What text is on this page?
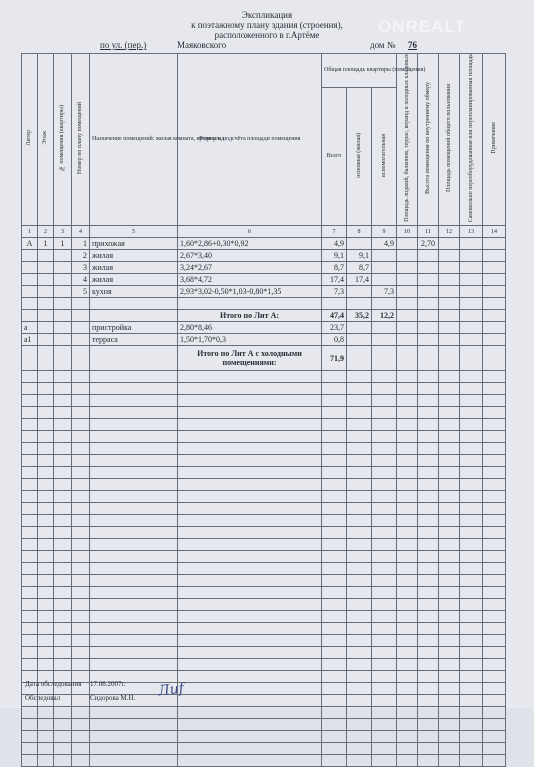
ONREALT
Экспликация
к поэтажному плану здания (строения),
расположенного в г.Артёме
по ул. (пер.)	Маяковского	дом № 76
Литер	Этаж	№ помещения (квартиры)	Номер по плану помещений	Назначение помещений: жилая комната, кухня и т.д.	Формула подсчёта площади помещения	Общая площадь квартиры (помещения)			Площадь лоджий, балконов, террас, веранд и холодных кладовых	Высота помещения по внутреннему обмеру	Площадь помещений общего пользования	Самовольно переоборудованная или перепланированная площадь	Примечание
						Всего	основная (жилая)	вспомогательная					
1	2	3	4	5	6	7	8	9	10	11	12	13	14
А	1	1	1	прихожая	1,60*2,86+0,30*0,92	4,9		4,9		2,70			
			2	жилая	2,67*3,40	9,1	9,1						
			3	жилая	3,24*2,67	8,7	8,7						
			4	жилая	3,68*4,72	17,4	17,4						
			5	кухня	2,93*3,02-0,50*1,03-0,80*1,35	7,3		7,3					

					Итого по Лит А:	47,4	35,2	12,2					
а				пристройка	2,80*8,46	23,7							
а1				терраса	1,50*1,70*0,3	0,8							

					Итого по Лит А с холодными
помещениями:	71,9							

Дата обследования 17.08.2007г.
Обследовал	Сидорова М.Н. Лиf
